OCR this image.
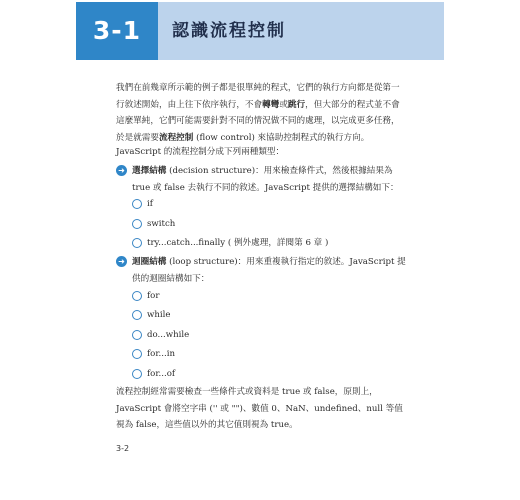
3-1	認識流程控制

我們在前幾章所示範的例子都是很單純的程式，它們的執行方向都是從第一行敘述開始，由上往下依序執行，不會轉彎或跳行，但大部分的程式並不會這麼單純，它們可能需要針對不同的情況做不同的處理，以完成更多任務，於是就需要流程控制 (flow control) 來協助控制程式的執行方向。

JavaScript 的流程控制分成下列兩種類型：

➜ 選擇結構 (decision structure)：用來檢查條件式，然後根據結果為 true 或 false 去執行不同的敘述。JavaScript 提供的選擇結構如下：

if
switch
try...catch...finally ( 例外處理，詳閱第 6 章 )
➜ 迴圈結構 (loop structure)：用來重複執行指定的敘述。JavaScript 提供的迴圈結構如下：

for
while
do...while
for...in
for...of

流程控制經常需要檢查一些條件式或資料是 true 或 false，原則上，JavaScript 會將空字串 ('' 或 "")、數值 0、NaN、undefined、null 等值視為 false，這些值以外的其它值則視為 true。

3-2
